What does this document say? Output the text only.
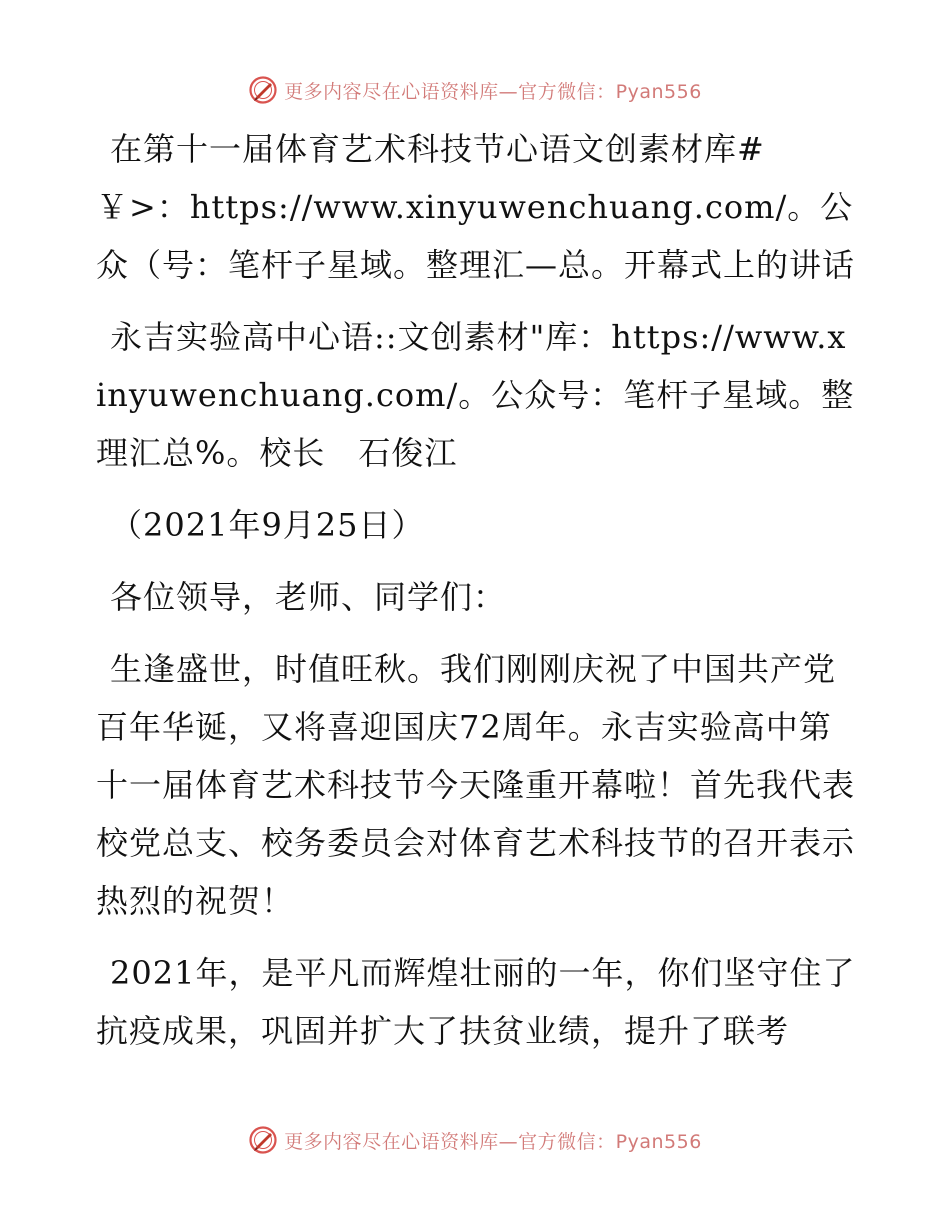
更多内容尽在心语资料库—官方微信：Pyan556

在第十一届体育艺术科技节心语文创素材库#￥>：https://www.xinyuwenchuang.com/。公众（号：笔杆子星域。整理汇—总。开幕式上的讲话

永吉实验高中心语::文创素材"库：https://www.xinyuwenchuang.com/。公众号：笔杆子星域。整理汇总%。校长　石俊江

（2021年9月25日）

各位领导，老师、同学们：

生逢盛世，时值旺秋。我们刚刚庆祝了中国共产党百年华诞，又将喜迎国庆72周年。永吉实验高中第十一届体育艺术科技节今天隆重开幕啦！首先我代表校党总支、校务委员会对体育艺术科技节的召开表示热烈的祝贺！

2021年，是平凡而辉煌壮丽的一年，你们坚守住了抗疫成果，巩固并扩大了扶贫业绩，提升了联考

更多内容尽在心语资料库—官方微信：Pyan556
